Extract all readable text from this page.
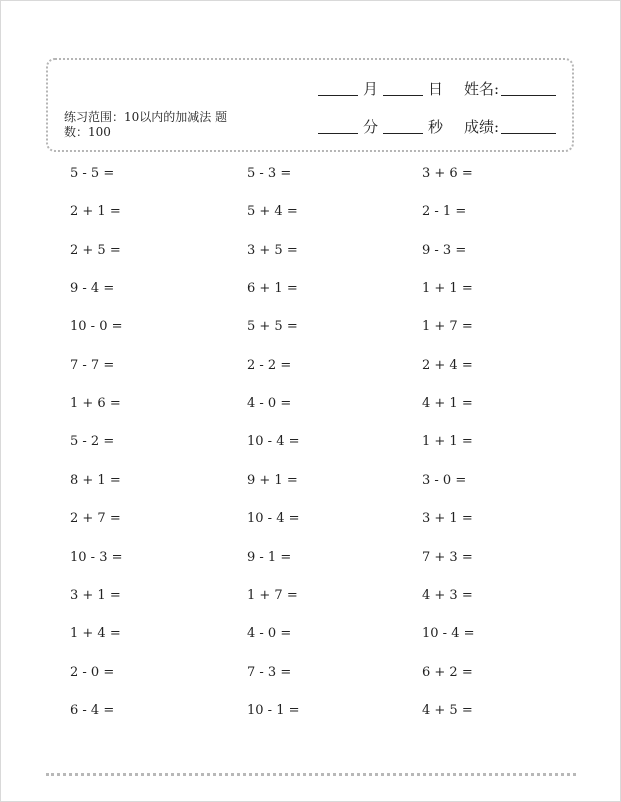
练习范围：10以内的加减法 题数：100
月	日 姓名:
分	秒 成绩:
5 - 5 =	5 - 3 =	3 + 6 =
2 + 1 =	5 + 4 =	2 - 1 =
2 + 5 =	3 + 5 =	9 - 3 =
9 - 4 =	6 + 1 =	1 + 1 =
10 - 0 =	5 + 5 =	1 + 7 =
7 - 7 =	2 - 2 =	2 + 4 =
1 + 6 =	4 - 0 =	4 + 1 =
5 - 2 =	10 - 4 =	1 + 1 =
8 + 1 =	9 + 1 =	3 - 0 =
2 + 7 =	10 - 4 =	3 + 1 =
10 - 3 =	9 - 1 =	7 + 3 =
3 + 1 =	1 + 7 =	4 + 3 =
1 + 4 =	4 - 0 =	10 - 4 =
2 - 0 =	7 - 3 =	6 + 2 =
6 - 4 =	10 - 1 =	4 + 5 =
